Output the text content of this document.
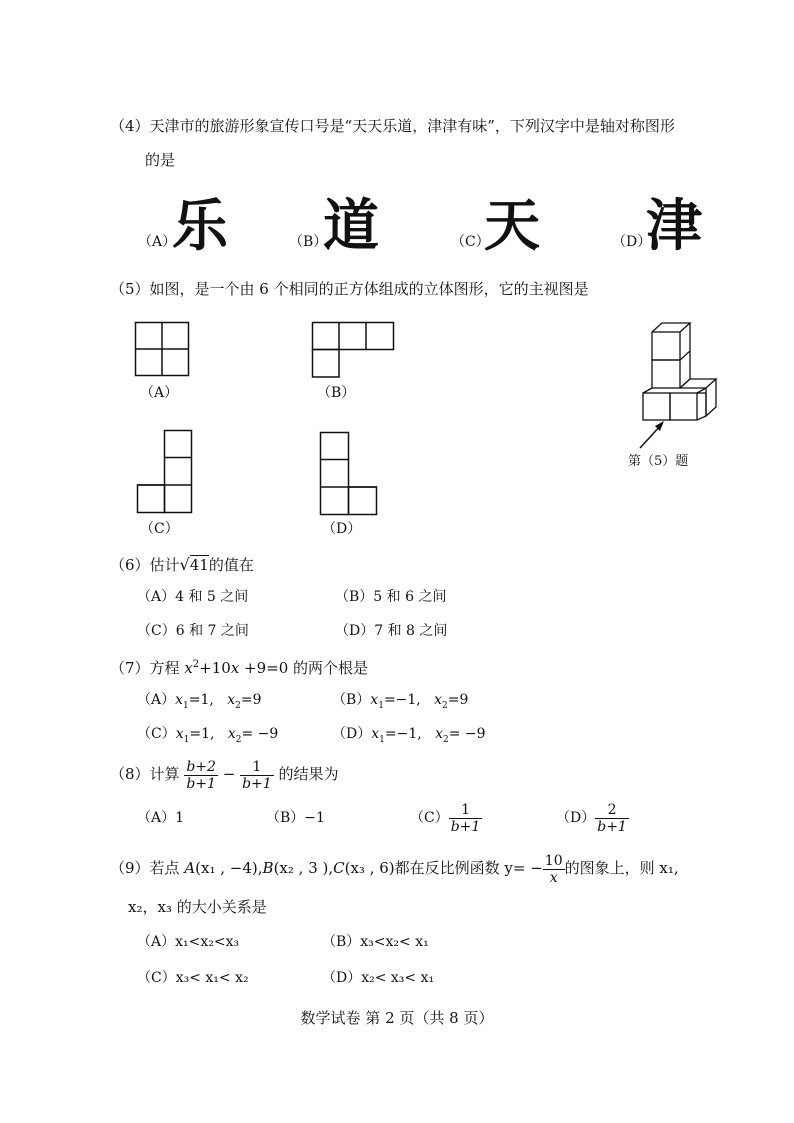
（4）天津市的旅游形象宣传口号是“天天乐道，津津有味”，下列汉字中是轴对称图形
的是
（A）
乐	（B）
道	（C）
天	（D）
津
（5）如图，是一个由 6 个相同的正方体组成的立体图形，它的主视图是
（A）	（B）
（C）	（D）
第（5）题
（6）估计√41的值在
（A）4 和 5 之间	（B）5 和 6 之间
（C）6 和 7 之间	（D）7 和 8 之间
（7）方程 $x^2+10x +9=0$ 的两个根是
$(A)x_1=1$, $x_2=9$	$(B)x_1=-1$, $x_2=9$
$(C)x_1=1$, $x_2= -9$	$(D)x_1=-1$, $x_2= -9$
（8）计算 $\frac{b+2}{b+1} - \frac{1}{b+1}$ 的结果为
（A）1	（B）−1	$(C) \frac{1}{b+1}$	$(D) \frac{2}{b+1}$
（9）若点 A(x₁ , −4),B(x₂ , 3 ),C(x₃ , 6)都在反比例函数 $y= - \frac{10}{x}$ 的图象上，则 x₁,
x₂，x₃ 的大小关系是
（A）x₁<x₂<x₃	（B）x₃<x₂< x₁
（C）x₃< x₁< x₂	（D）x₂< x₃< x₁
数学试卷 第 2 页（共 8 页）
